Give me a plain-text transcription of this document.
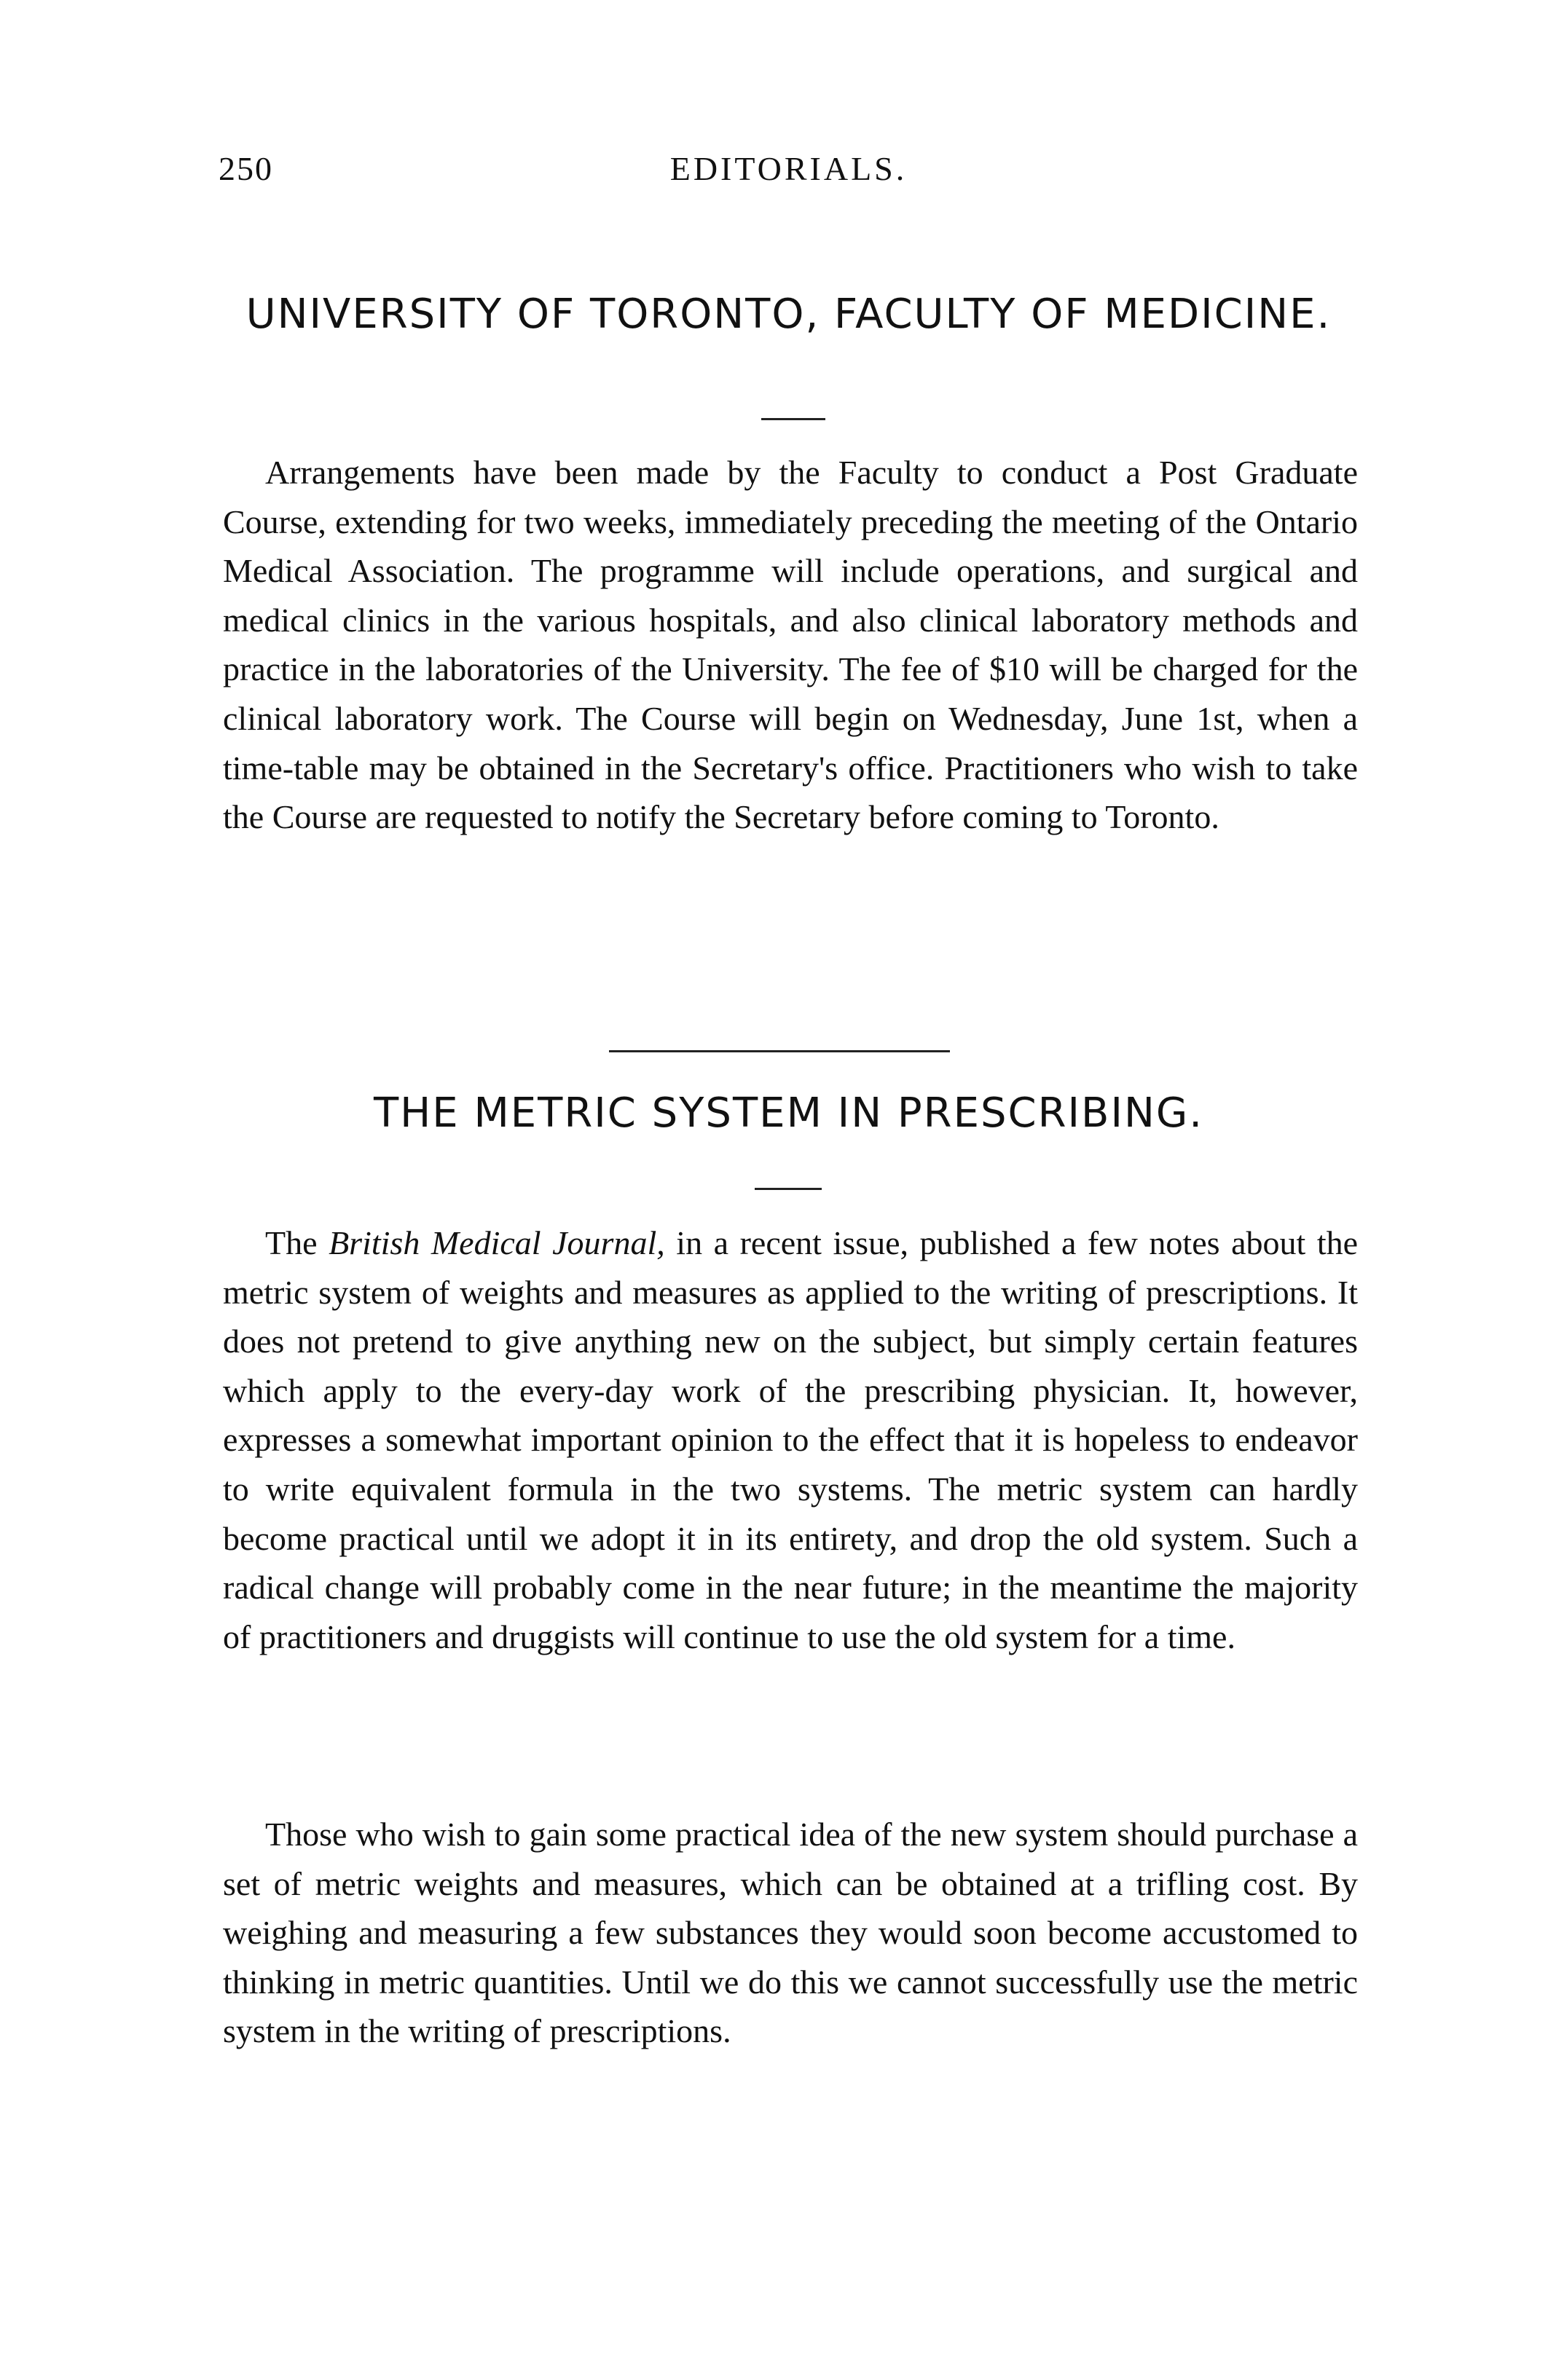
250	EDITORIALS.
UNIVERSITY OF TORONTO, FACULTY OF MEDICINE.

Arrangements have been made by the Faculty to conduct a Post Graduate Course, extending for two weeks, immediately preceding the meeting of the Ontario Medical Association. The programme will include operations, and surgical and medical clinics in the various hospitals, and also clinical laboratory methods and practice in the laboratories of the University. The fee of $10 will be charged for the clinical laboratory work. The Course will begin on Wednesday, June 1st, when a time-table may be obtained in the Secretary's office. Practitioners who wish to take the Course are requested to notify the Secretary before coming to Toronto.

THE METRIC SYSTEM IN PRESCRIBING.

The British Medical Journal, in a recent issue, published a few notes about the metric system of weights and measures as applied to the writing of prescriptions. It does not pretend to give anything new on the subject, but simply certain features which apply to the every-day work of the prescribing physician. It, however, expresses a somewhat important opinion to the effect that it is hopeless to endeavor to write equivalent formula in the two systems. The metric system can hardly become practical until we adopt it in its entirety, and drop the old system. Such a radical change will probably come in the near future; in the meantime the majority of practitioners and druggists will continue to use the old system for a time.

Those who wish to gain some practical idea of the new system should purchase a set of metric weights and measures, which can be obtained at a trifling cost. By weighing and measuring a few substances they would soon become accustomed to thinking in metric quantities. Until we do this we cannot successfully use the metric system in the writing of prescriptions.
